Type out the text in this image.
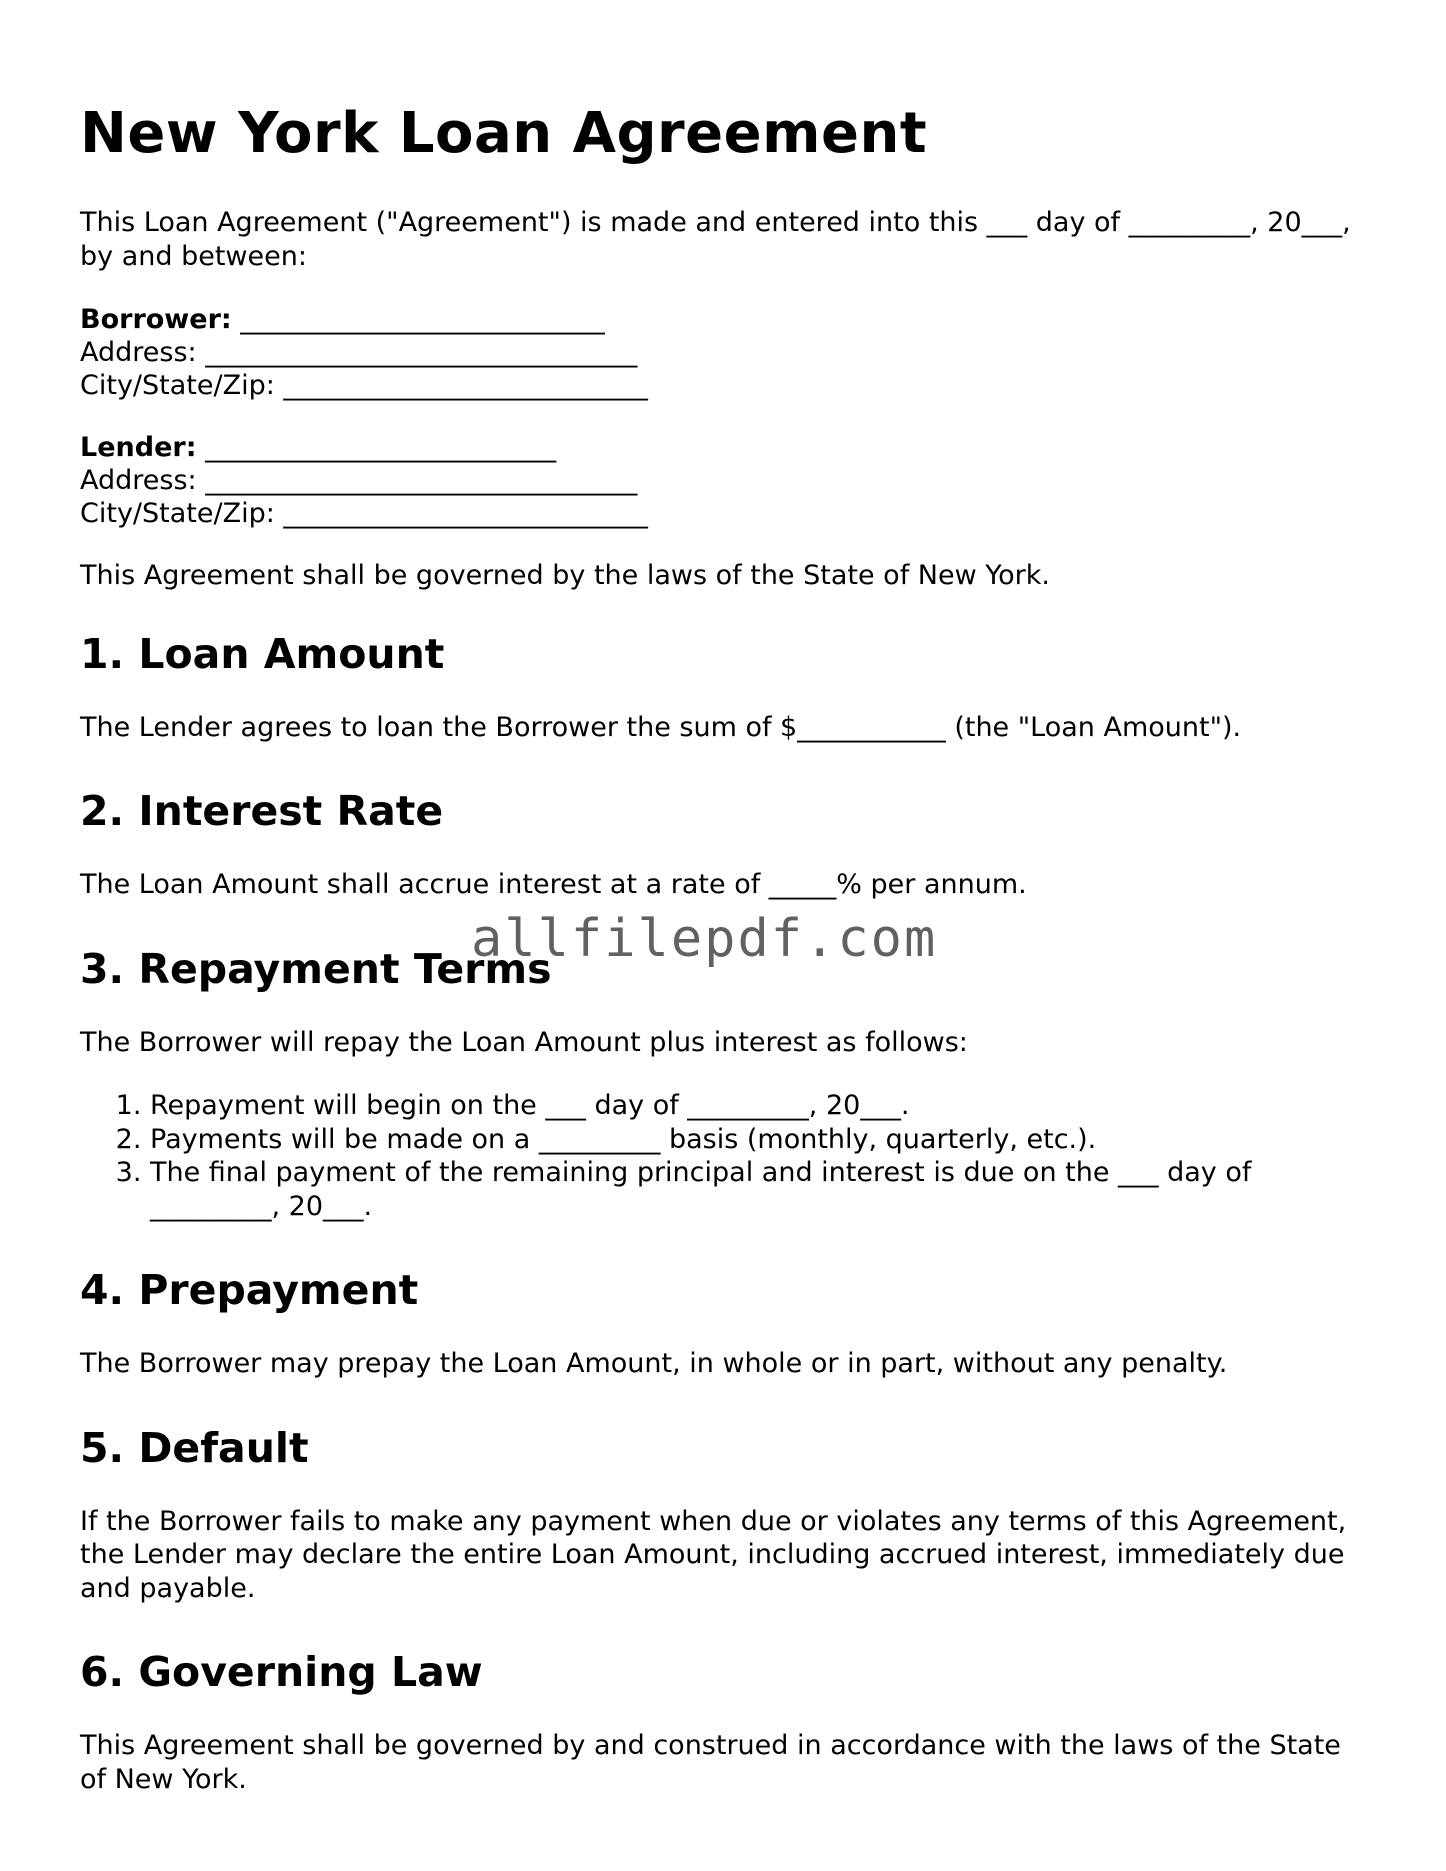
New York Loan Agreement

This Loan Agreement ("Agreement") is made and entered into this ___ day of _________, 20___, by and between:

Borrower: ___________________________
Address: ________________________________
City/State/Zip: ___________________________
Lender: __________________________
Address: ________________________________
City/State/Zip: ___________________________

This Agreement shall be governed by the laws of the State of New York.

1. Loan Amount

The Lender agrees to loan the Borrower the sum of $___________ (the "Loan Amount").

2. Interest Rate

The Loan Amount shall accrue interest at a rate of _____% per annum.

3. Repayment Terms

The Borrower will repay the Loan Amount plus interest as follows:

1. Repayment will begin on the ___ day of _________, 20___.
2. Payments will be made on a _________ basis (monthly, quarterly, etc.).
3. The final payment of the remaining principal and interest is due on the ___ day of _________, 20___.
4. Prepayment

The Borrower may prepay the Loan Amount, in whole or in part, without any penalty.

5. Default

If the Borrower fails to make any payment when due or violates any terms of this Agreement, the Lender may declare the entire Loan Amount, including accrued interest, immediately due and payable.

6. Governing Law

This Agreement shall be governed by and construed in accordance with the laws of the State of New York.

allfilepdf.com
